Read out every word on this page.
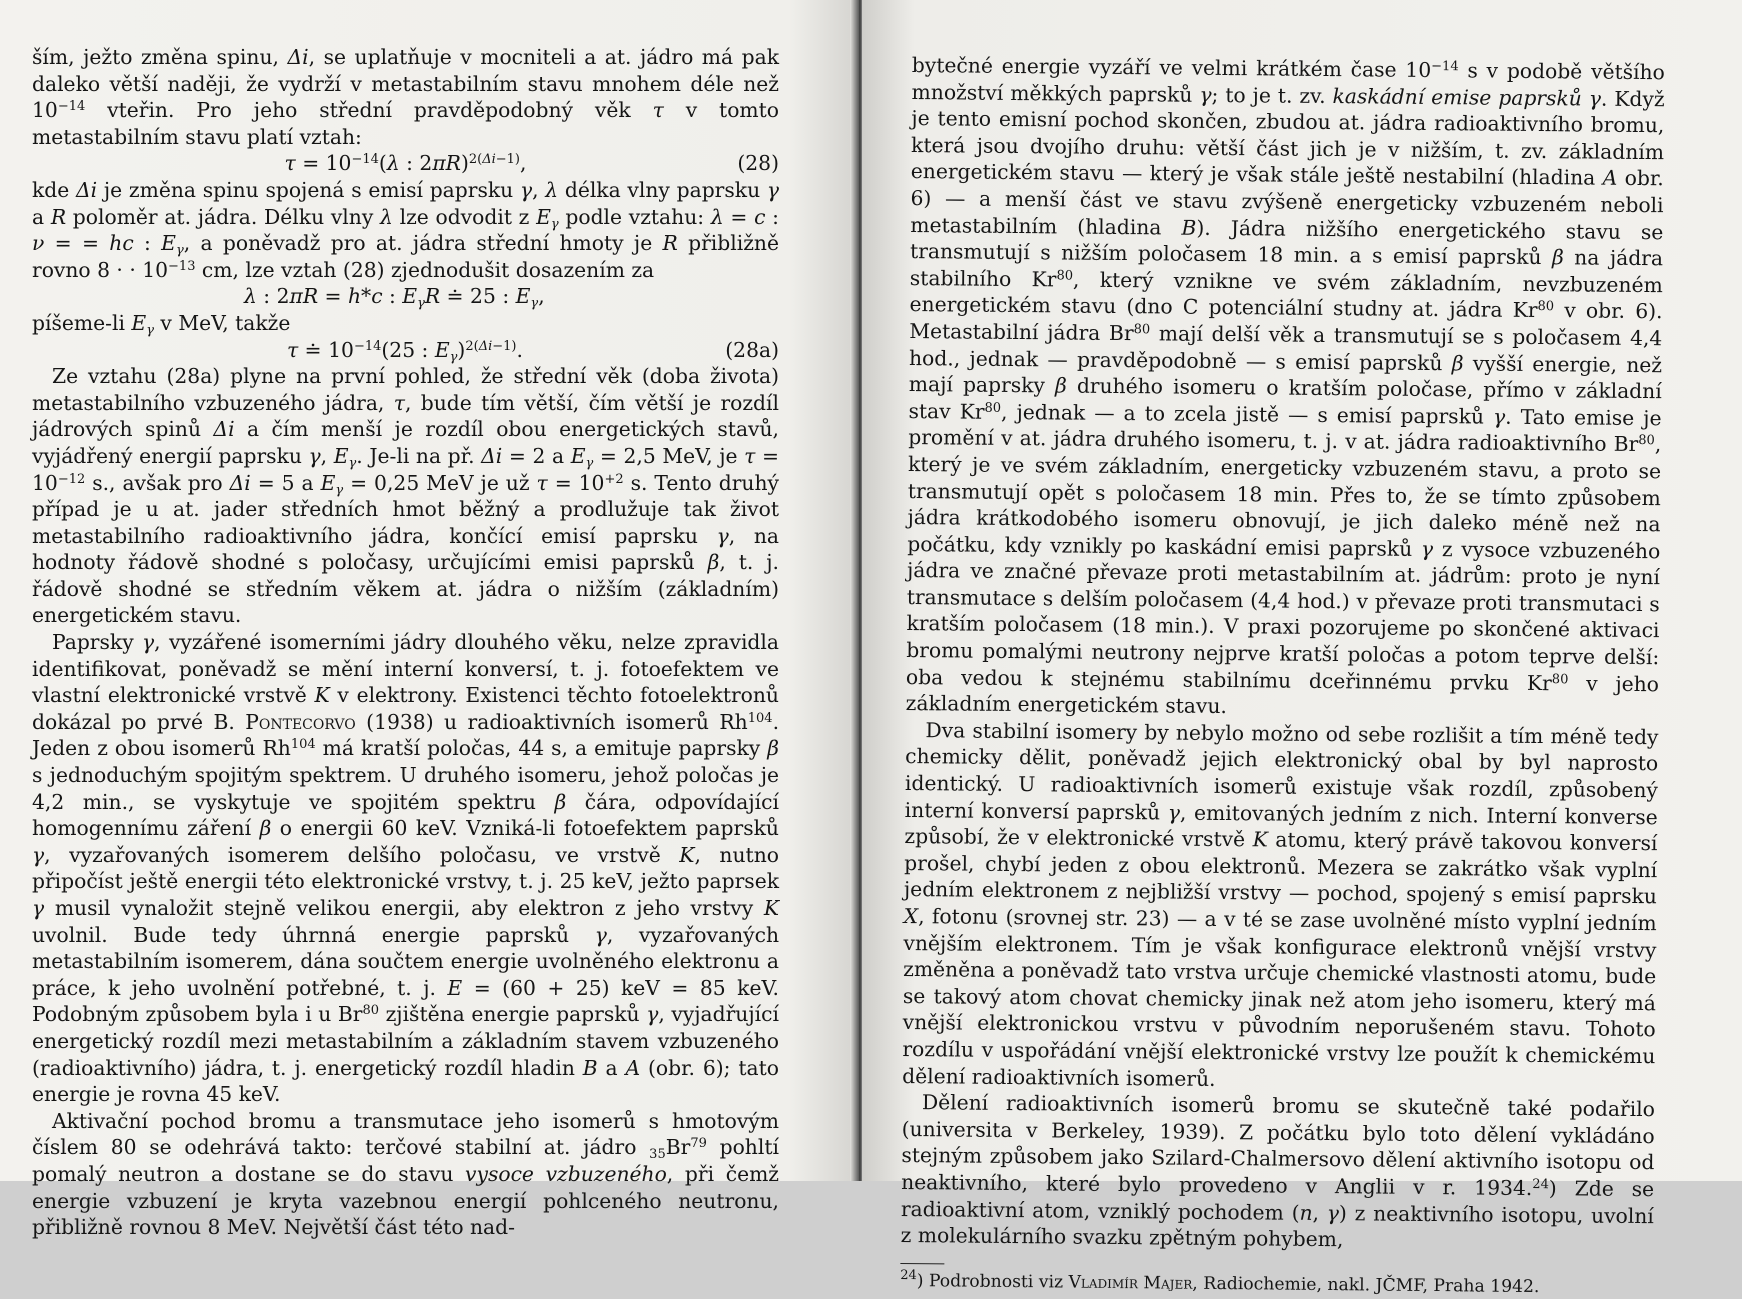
ším, ježto změna spinu, Δi, se uplatňuje v mocniteli a at. jádro má pak daleko větší naději, že vydrží v metastabilním stavu mnohem déle než $10^{-14}$ vteřin. Pro jeho střední pravděpodobný věk τ v tomto metastabilním stavu platí vztah:

$\tau = 10^{-14}(\lambda$ : 2πR)$^{2(\Delta i-1)}$,	(28)

kde Δi je změna spinu spojená s emisí paprsku γ, λ délka vlny paprsku γ a R poloměr at. jádra. Délku vlny λ lze odvodit z $E_\gamma$ podle vztahu: λ = c : ν = = hc : $E_\gamma$, a poněvadž pro at. jádra střední hmoty je R přibližně rovno 8 · · $10^{-13}$ cm, lze vztah (28) zjednodušit dosazením za

λ : 2πR = h*c : $E_\gamma R$ ≐ 25 : $E_\gamma$,

píšeme-li $E_\gamma$ v MeV, takže

τ ≐ $10^{-14}(25$ : $E_\gamma)^{2(\Delta i-1)}$.	(28a)

Ze vztahu (28a) plyne na první pohled, že střední věk (doba života) metastabilního vzbuzeného jádra, τ, bude tím větší, čím větší je rozdíl jádrových spinů Δi a čím menší je rozdíl obou energetických stavů, vyjádřený energií paprsku γ, $E_\gamma$. Je-li na př. Δi = 2 a $E_\gamma = 2,5$ MeV, je $\tau = 10^{-12}$ s., avšak pro Δi = 5 a $E_\gamma = 0,25$ MeV je už $\tau = 10^{+2}$ s. Tento druhý případ je u at. jader středních hmot běžný a prodlužuje tak život metastabilního radioaktivního jádra, končící emisí paprsku γ, na hodnoty řádově shodné s poločasy, určujícími emisi paprsků β, t. j. řádově shodné se středním věkem at. jádra o nižším (základním) energetickém stavu.

Paprsky γ, vyzářené isomerními jádry dlouhého věku, nelze zpravidla identifikovat, poněvadž se mění interní konversí, t. j. fotoefektem ve vlastní elektronické vrstvě K v elektrony. Existenci těchto fotoelektronů dokázal po prvé B. Pontecorvo (1938) u radioaktivních isomerů Rh$^{104}$. Jeden z obou isomerů Rh$^{104}$ má kratší poločas, 44 s, a emituje paprsky β s jednoduchým spojitým spektrem. U druhého isomeru, jehož poločas je 4,2 min., se vyskytuje ve spojitém spektru β čára, odpovídající homogennímu záření β o energii 60 keV. Vzniká-li fotoefektem paprsků γ, vyzařovaných isomerem delšího poločasu, ve vrstvě K, nutno připočíst ještě energii této elektronické vrstvy, t. j. 25 keV, ježto paprsek γ musil vynaložit stejně velikou energii, aby elektron z jeho vrstvy K uvolnil. Bude tedy úhrnná energie paprsků γ, vyzařovaných metastabilním isomerem, dána součtem energie uvolněného elektronu a práce, k jeho uvolnění potřebné, t. j. E = (60 + 25) keV = 85 keV. Podobným způsobem byla i u Br$^{80}$ zjištěna energie paprsků γ, vyjadřující energetický rozdíl mezi metastabilním a základním stavem vzbuzeného (radioaktivního) jádra, t. j. energetický rozdíl hladin B a A (obr. 6); tato energie je rovna 45 keV.

Aktivační pochod bromu a transmutace jeho isomerů s hmotovým číslem 80 se odehrává takto: terčové stabilní at. jádro $_{35}Br^{79}$ pohltí pomalý neutron a dostane se do stavu vysoce vzbuzeného, při čemž energie vzbuzení je kryta vazebnou energií pohlceného neutronu, přibližně rovnou 8 MeV. Největší část této nad-

bytečné energie vyzáří ve velmi krátkém čase $10^{-14}$ s v podobě většího množství měkkých paprsků γ; to je t. zv. kaskádní emise paprsků γ. Když je tento emisní pochod skončen, zbudou at. jádra radioaktivního bromu, která jsou dvojího druhu: větší část jich je v nižším, t. zv. základním energetickém stavu — který je však stále ještě nestabilní (hladina A obr. 6) — a menší část ve stavu zvýšeně energeticky vzbuzeném neboli metastabilním (hladina B). Jádra nižšího energetického stavu se transmutují s nižším poločasem 18 min. a s emisí paprsků β na jádra stabilního Kr$^{80}$, který vznikne ve svém základním, nevzbuzeném energetickém stavu (dno C potenciální studny at. jádra Kr$^{80}$ v obr. 6). Metastabilní jádra Br$^{80}$ mají delší věk a transmutují se s poločasem 4,4 hod., jednak — pravděpodobně — s emisí paprsků β vyšší energie, než mají paprsky β druhého isomeru o kratším poločase, přímo v základní stav Kr$^{80}$, jednak — a to zcela jistě — s emisí paprsků γ. Tato emise je promění v at. jádra druhého isomeru, t. j. v at. jádra radioaktivního Br$^{80}$, který je ve svém základním, energeticky vzbuzeném stavu, a proto se transmutují opět s poločasem 18 min. Přes to, že se tímto způsobem jádra krátkodobého isomeru obnovují, je jich daleko méně než na počátku, kdy vznikly po kaskádní emisi paprsků γ z vysoce vzbuzeného jádra ve značné převaze proti metastabilním at. jádrům: proto je nyní transmutace s delším poločasem (4,4 hod.) v převaze proti transmutaci s kratším poločasem (18 min.). V praxi pozorujeme po skončené aktivaci bromu pomalými neutrony nejprve kratší poločas a potom teprve delší: oba vedou k stejnému stabilnímu dceřinnému prvku Kr$^{80}$ v jeho základním energetickém stavu.

Dva stabilní isomery by nebylo možno od sebe rozlišit a tím méně tedy chemicky dělit, poněvadž jejich elektronický obal by byl naprosto identický. U radioaktivních isomerů existuje však rozdíl, způsobený interní konversí paprsků γ, emitovaných jedním z nich. Interní konverse způsobí, že v elektronické vrstvě K atomu, který právě takovou konversí prošel, chybí jeden z obou elektronů. Mezera se zakrátko však vyplní jedním elektronem z nejbližší vrstvy — pochod, spojený s emisí paprsku X, fotonu (srovnej str. 23) — a v té se zase uvolněné místo vyplní jedním vnějším elektronem. Tím je však konfigurace elektronů vnější vrstvy změněna a poněvadž tato vrstva určuje chemické vlastnosti atomu, bude se takový atom chovat chemicky jinak než atom jeho isomeru, který má vnější elektronickou vrstvu v původním neporušeném stavu. Tohoto rozdílu v uspořádání vnější elektronické vrstvy lze použít k chemickému dělení radioaktivních isomerů.

Dělení radioaktivních isomerů bromu se skutečně také podařilo (universita v Berkeley, 1939). Z počátku bylo toto dělení vykládáno stejným způsobem jako Szilard-Chalmersovo dělení aktivního isotopu od neaktivního, které bylo provedeno v Anglii v r. 1934.24) Zde se radioaktivní atom, vzniklý pochodem (n, γ) z neaktivního isotopu, uvolní z molekulárního svazku zpětným pohybem,

$^{24}$) Podrobnosti viz Vladimír Majer, Radiochemie, nakl. JČMF, Praha 1942.
